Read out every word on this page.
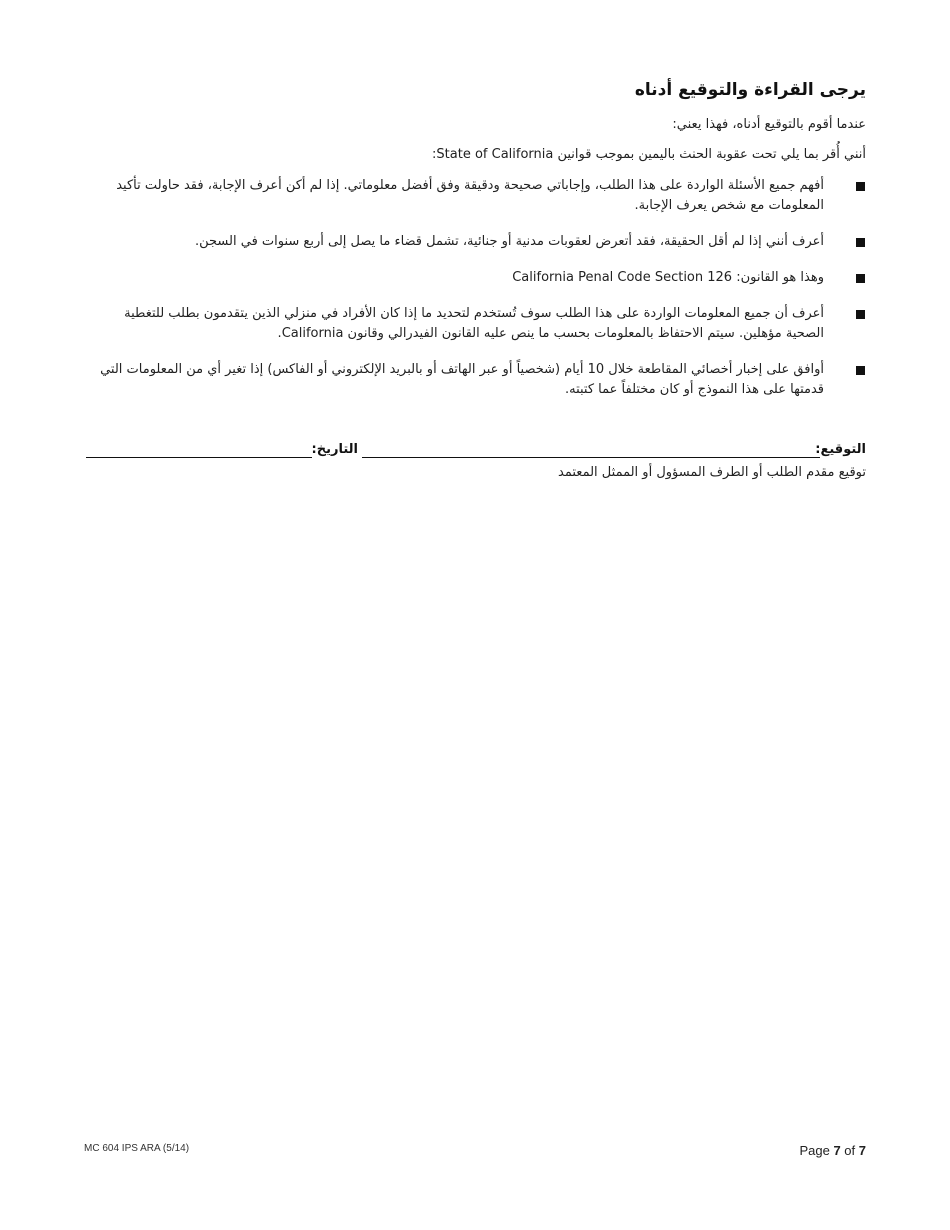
يرجى القراءة والتوقيع أدناه
عندما أقوم بالتوقيع أدناه، فهذا يعني:
أنني أُقر بما يلي تحت عقوبة الحنث باليمين بموجب قوانين State of California:
أفهم جميع الأسئلة الواردة على هذا الطلب، وإجاباتي صحيحة ودقيقة وفق أفضل معلوماتي. إذا لم أكن أعرف الإجابة، فقد حاولت تأكيد المعلومات مع شخص يعرف الإجابة.
أعرف أنني إذا لم أقل الحقيقة، فقد أتعرض لعقوبات مدنية أو جنائية، تشمل قضاء ما يصل إلى أربع سنوات في السجن.
وهذا هو القانون: California Penal Code Section 126
أعرف أن جميع المعلومات الواردة على هذا الطلب سوف تُستخدم لتحديد ما إذا كان الأفراد في منزلي الذين يتقدمون بطلب للتغطية الصحية مؤهلين. سيتم الاحتفاظ بالمعلومات بحسب ما ينص عليه القانون الفيدرالي وقانون California.
أوافق على إخبار أخصائي المقاطعة خلال 10 أيام (شخصياً أو عبر الهاتف أو بالبريد الإلكتروني أو الفاكس) إذا تغير أي من المعلومات التي قدمتها على هذا النموذج أو كان مختلفاً عما كتبته.
التوقيع:
التاريخ:
توقيع مقدم الطلب أو الطرف المسؤول أو الممثل المعتمد
MC 604 IPS ARA (5/14)	Page 7 of 7
